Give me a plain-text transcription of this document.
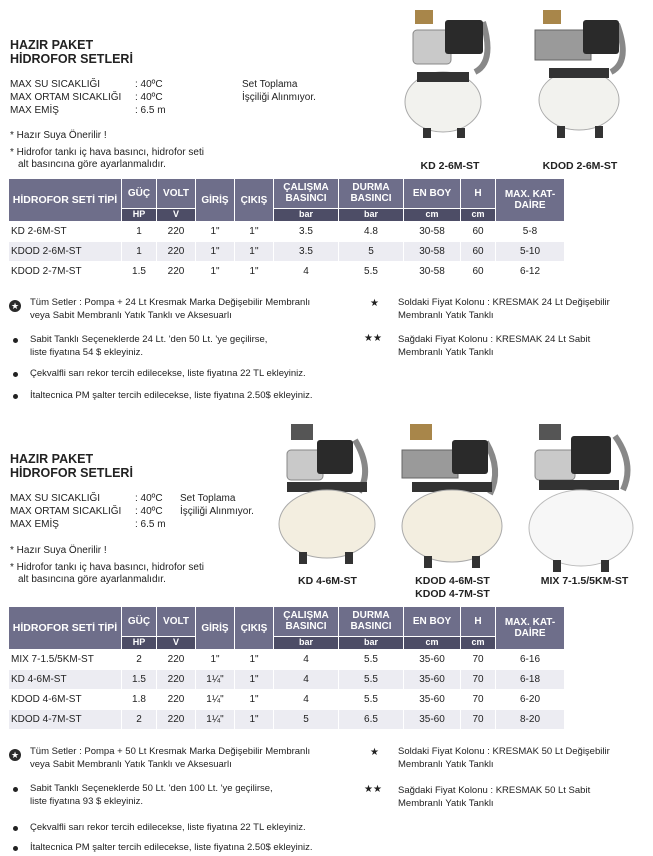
HAZIR PAKET
HİDROFOR SETLERİ
MAX SU SICAKLIĞI	: 40ºC
MAX ORTAM SICAKLIĞI	: 40ºC
MAX EMİŞ	: 6.5 m
Set Toplama
İşçiliği Alınmıyor.
* Hazır Suya Önerilir !
* Hidrofor tankı iç hava basıncı, hidrofor seti
alt basıncına göre ayarlanmalıdır.	KD 2-6M-ST	KDOD 2-6M-ST
HİDROFOR SETİ TİPİ	GÜÇ	VOLT	GİRİŞ	ÇIKIŞ	ÇALIŞMA BASINCI	DURMA BASINCI	EN BOY	H	MAX. KAT-DAİRE
	HP	V			bar	bar	cm	cm	
KD 2-6M-ST	1	220	1"	1''	3.5	4.8	30-58	60	5-8
KDOD 2-6M-ST	1	220	1"	1''	3.5	5	30-58	60	5-10
KDOD 2-7M-ST	1.5	220	1"	1"	4	5.5	30-58	60	6-12
★ Tüm Setler : Pompa + 24 Lt Kresmak Marka Değişebilir Membranlı
veya Sabit Membranlı Yatık Tanklı ve Aksesuarlı
Sabit Tanklı Seçeneklerde 24 Lt. 'den 50 Lt. 'ye geçilirse,
liste fiyatına 54 $ ekleyiniz.
Çekvalfli sarı rekor tercih edilecekse, liste fiyatına 22 TL ekleyiniz.
İtaltecnica PM şalter tercih edilecekse, liste fiyatına 2.50$ ekleyiniz.
★ Soldaki Fiyat Kolonu : KRESMAK 24 Lt Değişebilir
Membranlı Yatık Tanklı
★★ Sağdaki Fiyat Kolonu : KRESMAK 24 Lt Sabit
Membranlı Yatık Tanklı
HAZIR PAKET
HİDROFOR SETLERİ
MAX SU SICAKLIĞI	: 40ºC
MAX ORTAM SICAKLIĞI	: 40ºC
MAX EMİŞ	: 6.5 m
Set Toplama
İşçiliği Alınmıyor.
* Hazır Suya Önerilir !
* Hidrofor tankı iç hava basıncı, hidrofor seti
alt basıncına göre ayarlanmalıdır.	KD 4-6M-ST	KDOD 4-6M-ST
KDOD 4-7M-ST
MIX 7-1.5/5KM-ST
HİDROFOR SETİ TİPİ	GÜÇ	VOLT	GİRİŞ	ÇIKIŞ	ÇALIŞMA BASINCI	DURMA BASINCI	EN BOY	H	MAX. KAT-DAİRE
	HP	V			bar	bar	cm	cm	
MIX 7-1.5/5KM-ST	2	220	1"	1"	4	5.5	35-60	70	6-16
KD 4-6M-ST	1.5	220	1¼"	1"	4	5.5	35-60	70	6-18
KDOD 4-6M-ST	1.8	220	1¼"	1"	4	5.5	35-60	70	6-20
KDOD 4-7M-ST	2	220	1¼"	1"	5	6.5	35-60	70	8-20
★ Tüm Setler : Pompa + 50 Lt Kresmak Marka Değişebilir Membranlı
veya Sabit Membranlı Yatık Tanklı ve Aksesuarlı
Sabit Tanklı Seçeneklerde 50 Lt. 'den 100 Lt. 'ye geçilirse,
liste fiyatına 93 $ ekleyiniz.
Çekvalfli sarı rekor tercih edilecekse, liste fiyatına 22 TL ekleyiniz.
İtaltecnica PM şalter tercih edilecekse, liste fiyatına 2.50$ ekleyiniz.
★ Soldaki Fiyat Kolonu : KRESMAK 50 Lt Değişebilir
Membranlı Yatık Tanklı
★★ Sağdaki Fiyat Kolonu : KRESMAK 50 Lt Sabit
Membranlı Yatık Tanklı
